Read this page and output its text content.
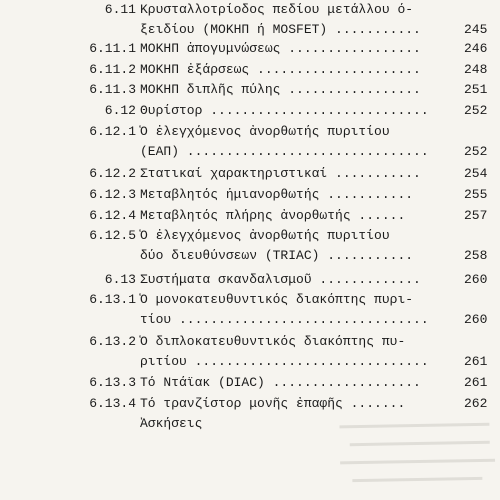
6.11 Κρυσταλλοτρίοδος πεδίου μετάλλου ό-
ξειδίου (ΜΟΚΗΠ ή MOSFET) ...........	245
6.11.1 ΜΟΚΗΠ ἀπογυμνώσεως .................	246
6.11.2 ΜΟΚΗΠ ἐξάρσεως .....................	248
6.11.3 ΜΟΚΗΠ διπλῆς πύλης .................	251
6.12 Θυρίστορ ............................	252
6.12.1 Ὁ ἐλεγχόμενος ἀνορθωτής πυριτίου
(ΕΑΠ) ...............................	252
6.12.2 Στατικαί χαρακτηριστικαί ...........	254
6.12.3 Μεταβλητός ἡμιανορθωτής ...........	255
6.12.4 Μεταβλητός πλήρης ἀνορθωτής ......	257
6.12.5 Ὁ ἐλεγχόμενος ἀνορθωτής πυριτίου
δύο διευθύνσεων (TRIAC) ...........	258
6.13 Συστήματα σκανδαλισμοῦ .............	260
6.13.1 Ὁ μονοκατευθυντικός διακόπτης πυρι-
τίου ................................	260
6.13.2 Ὁ διπλοκατευθυντικός διακόπτης πυ-
ριτίου ..............................	261
6.13.3 Τό Ντάϊακ (DIAC) ...................	261
6.13.4 Τό τρανζίστορ μονῆς ἐπαφῆς .......	262
Ἀσκήσεις
